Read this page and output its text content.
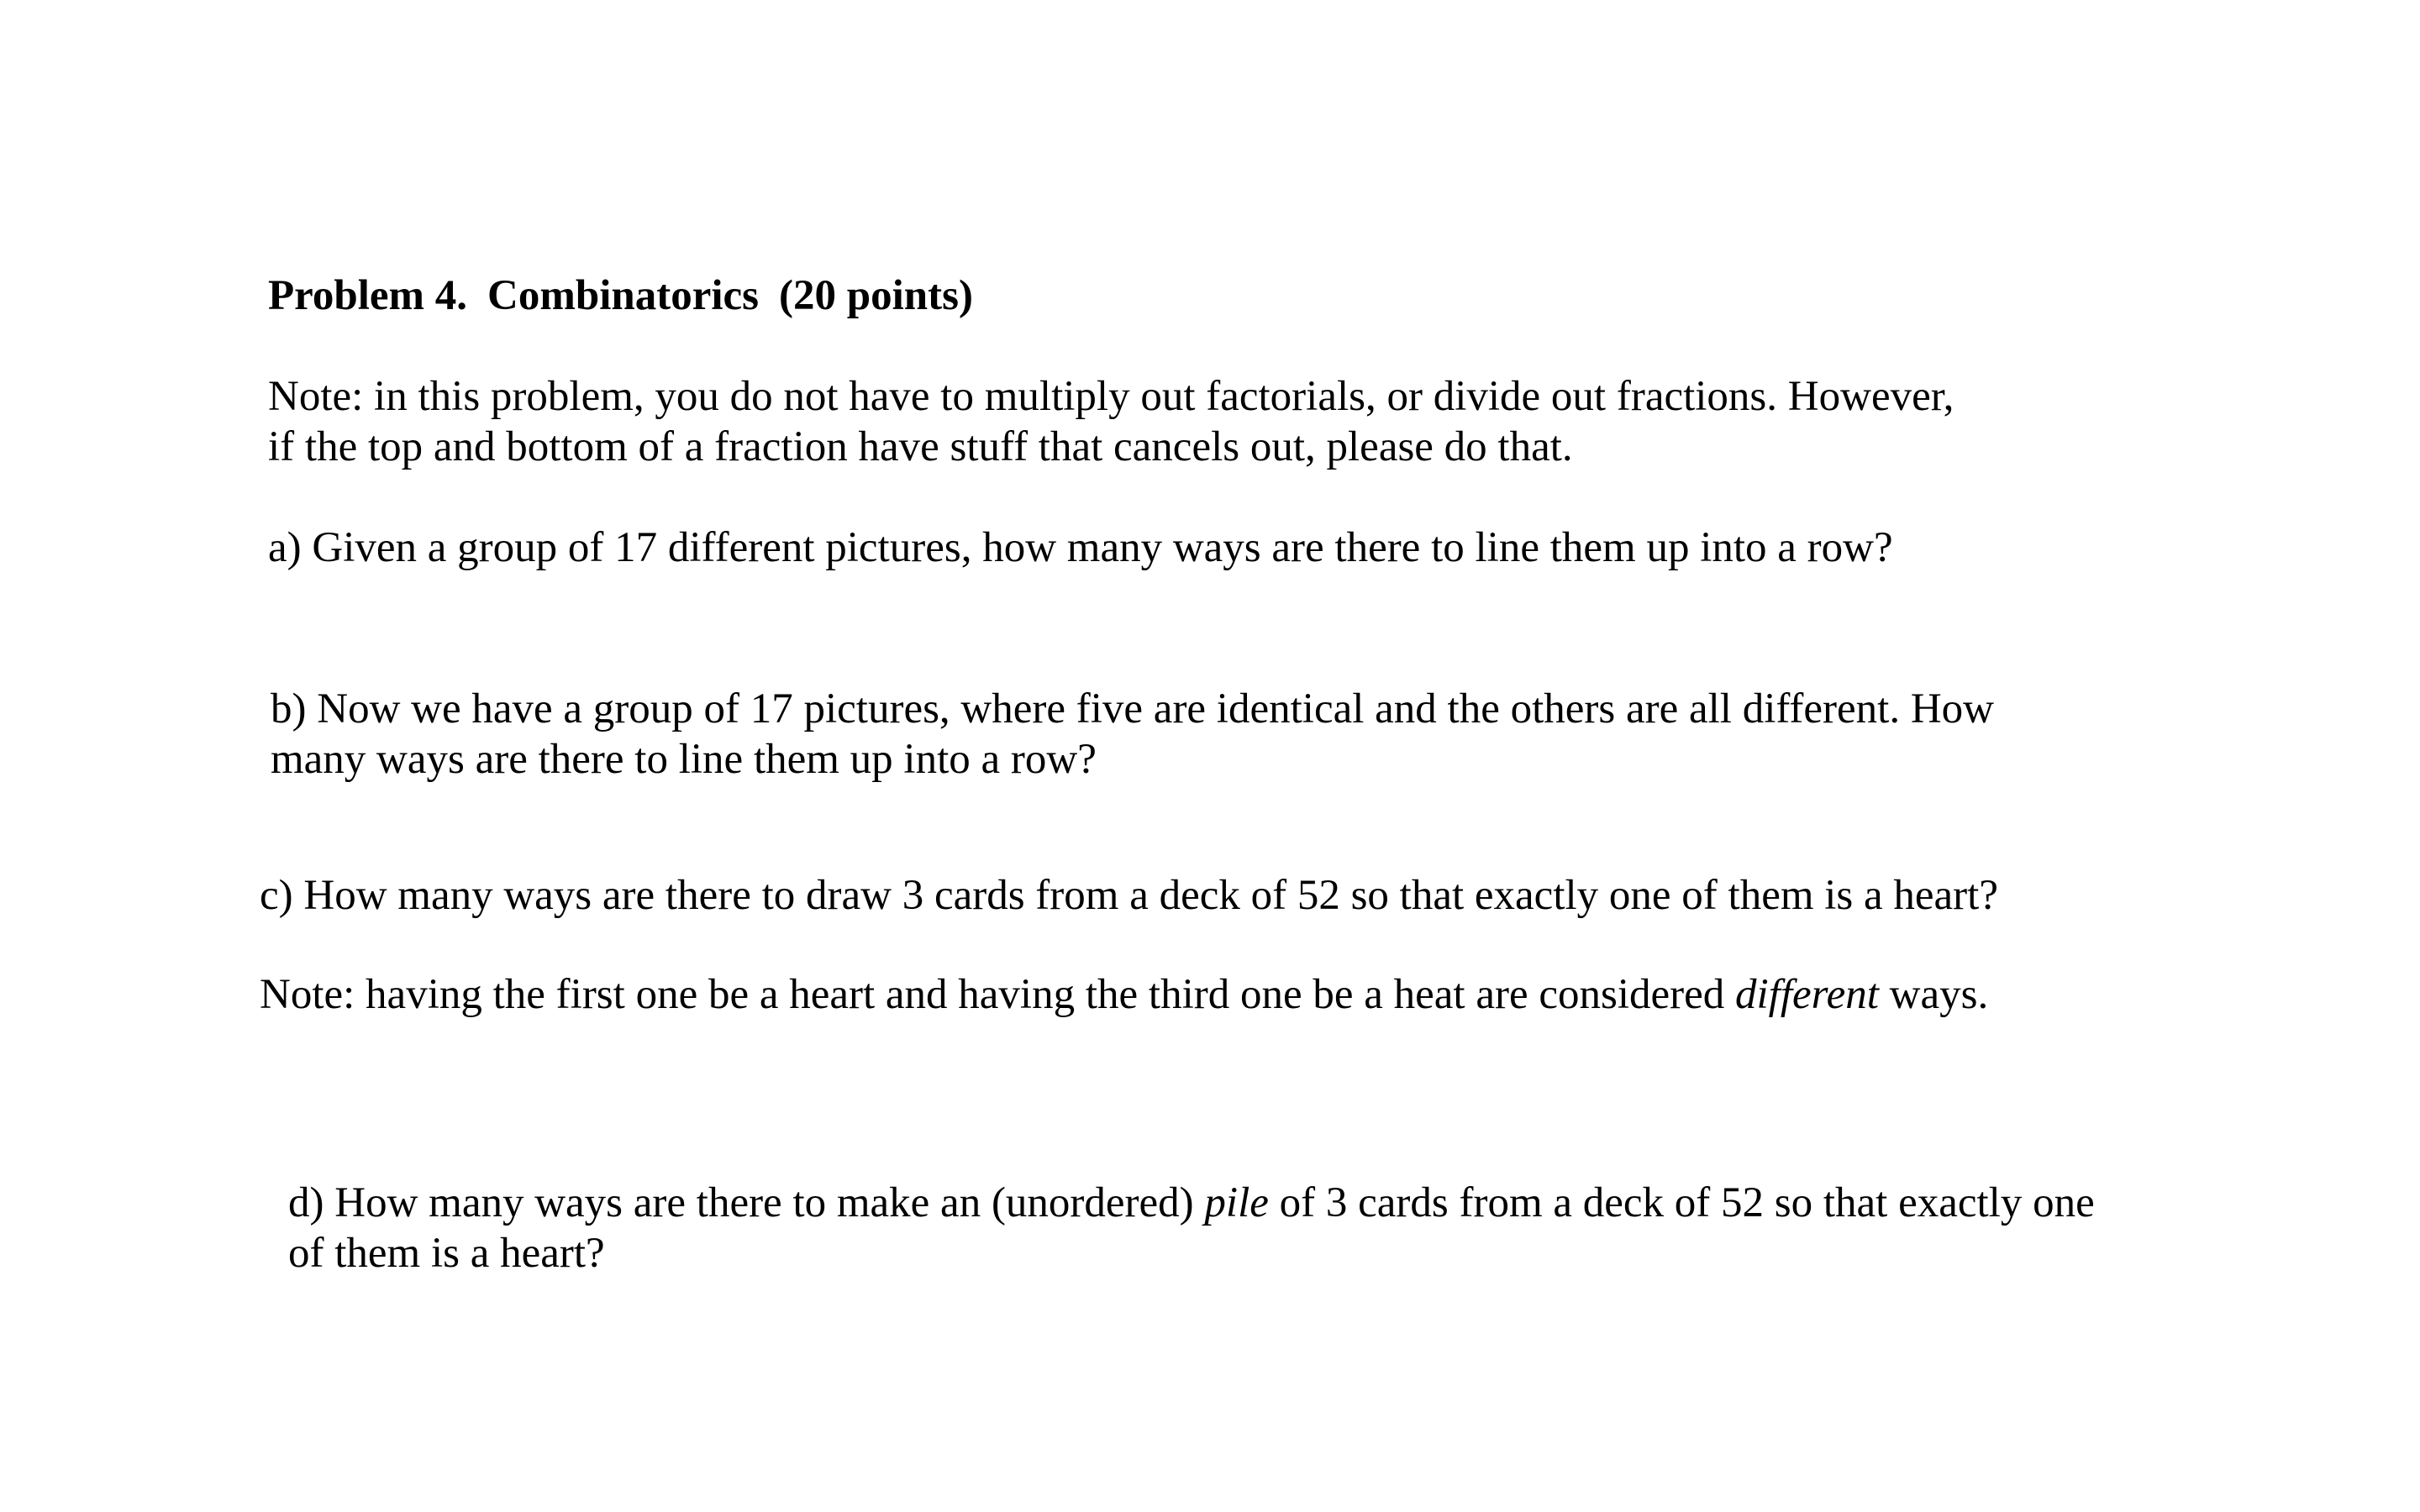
Problem 4. Combinatorics (20 points)
Note: in this problem, you do not have to multiply out factorials, or divide out fractions. However,
if the top and bottom of a fraction have stuff that cancels out, please do that.
a) Given a group of 17 different pictures, how many ways are there to line them up into a row?
b) Now we have a group of 17 pictures, where five are identical and the others are all different. How
many ways are there to line them up into a row?
c) How many ways are there to draw 3 cards from a deck of 52 so that exactly one of them is a heart?
Note: having the first one be a heart and having the third one be a heat are considered different ways.
d) How many ways are there to make an (unordered) pile of 3 cards from a deck of 52 so that exactly one
of them is a heart?
